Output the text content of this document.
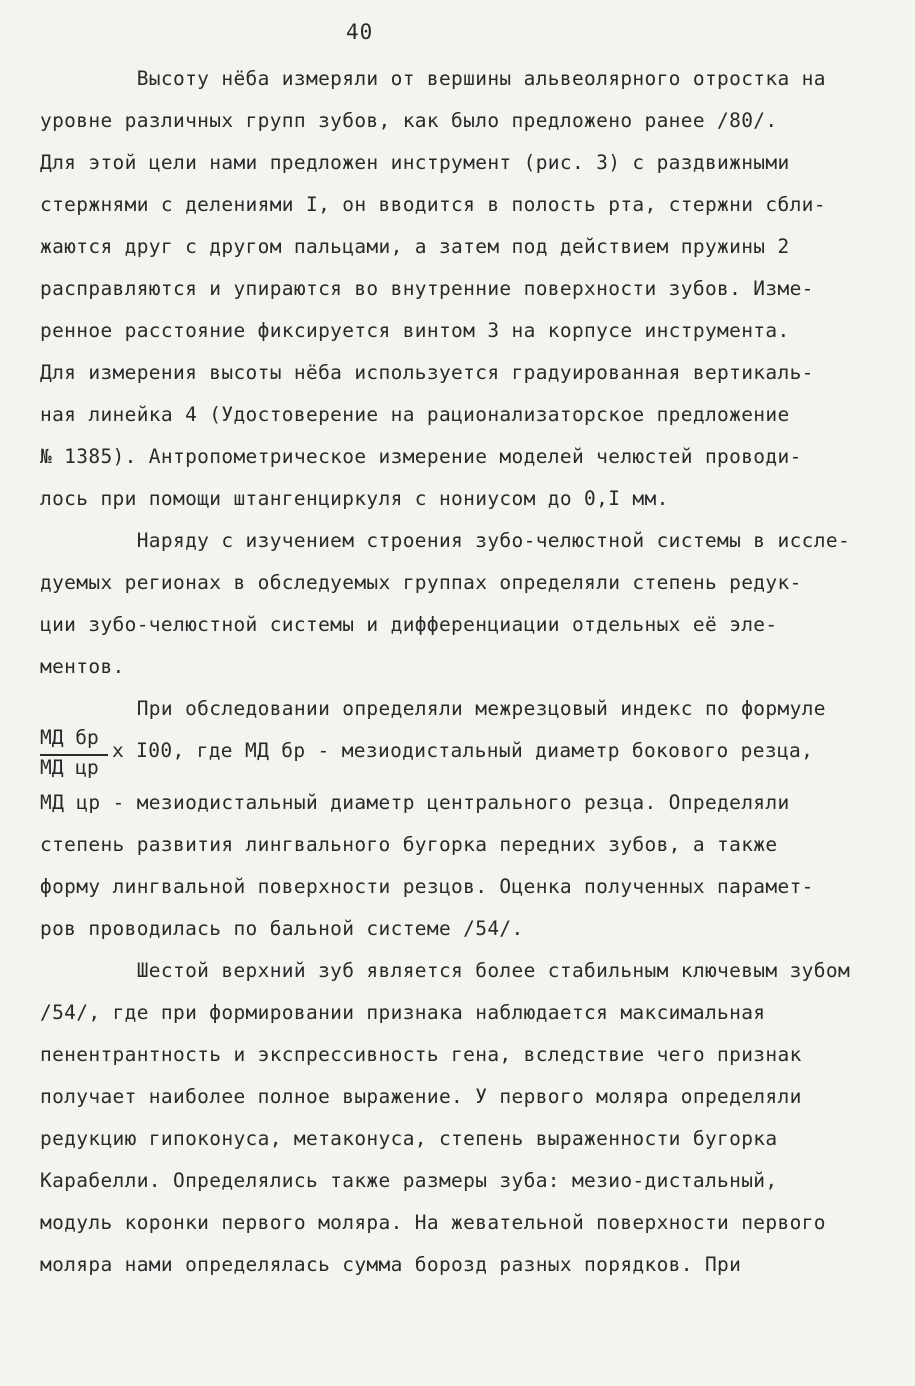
40
Высоту нёба измеряли от вершины альвеолярного отростка на
уровне различных групп зубов, как было предложено ранее /80/.
Для этой цели нами предложен инструмент (рис. 3) с раздвижными
стержнями с делениями I, он вводится в полость рта, стержни сбли-
жаются друг с другом пальцами, а затем под действием пружины 2
расправляются и упираются во внутренние поверхности зубов. Изме-
ренное расстояние фиксируется винтом 3 на корпусе инструмента.
Для измерения высоты нёба используется градуированная вертикаль-
ная линейка 4 (Удостоверение на рационализаторское предложение
№ 1385). Антропометрическое измерение моделей челюстей проводи-
лось при помощи штангенциркуля с нониусом до 0,I мм.
Наряду с изучением строения зубо-челюстной системы в иссле-
дуемых регионах в обследуемых группах определяли степень редук-
ции зубо-челюстной системы и дифференциации отдельных её эле-
ментов.
При обследовании определяли межрезцовый индекс по формуле
МД цр - мезиодистальный диаметр центрального резца. Определяли
степень развития лингвального бугорка передних зубов, а также
форму лингвальной поверхности резцов. Оценка полученных парамет-
ров проводилась по бальной системе /54/.
Шестой верхний зуб является более стабильным ключевым зубом
/54/, где при формировании признака наблюдается максимальная
пенентрантность и экспрессивность гена, вследствие чего признак
получает наиболее полное выражение. У первого моляра определяли
редукцию гипоконуса, метаконуса, степень выраженности бугорка
Карабелли. Определялись также размеры зуба: мезио-дистальный,
модуль коронки первого моляра. На жевательной поверхности первого
моляра нами определялась сумма борозд разных порядков. При
МД бр
МД цр
х I00, где МД бр - мезиодистальный диаметр бокового резца,
